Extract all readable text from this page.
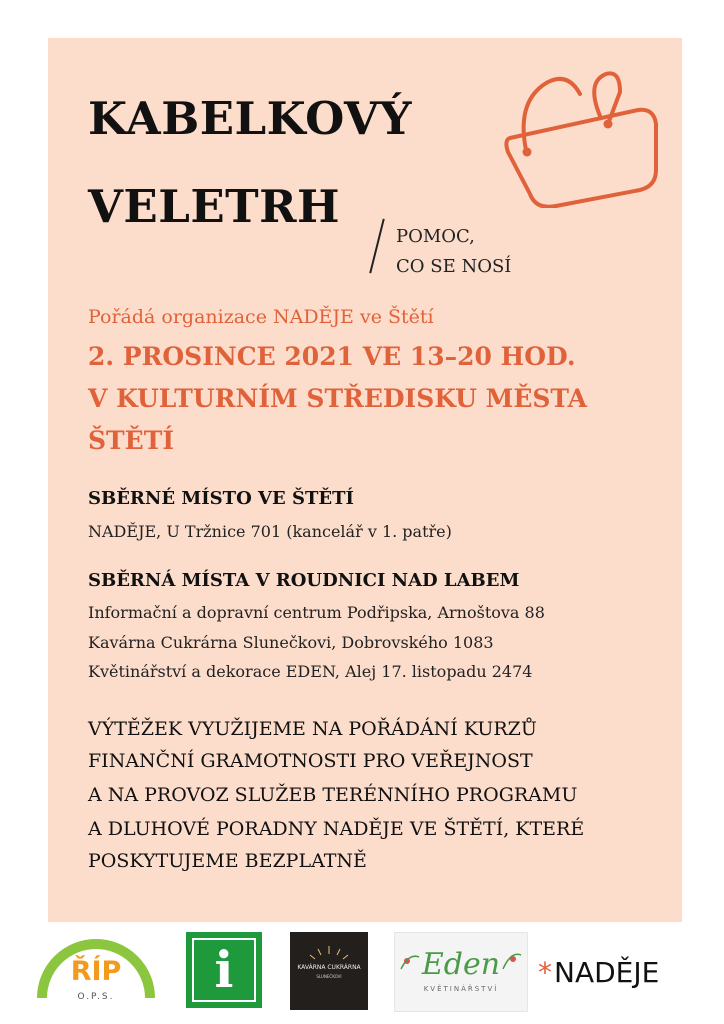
KABELKOVÝ
VELETRH
POMOC,
CO SE NOSÍ
Pořádá organizace NADĚJE ve Štětí
2. PROSINCE 2021 VE 13–20 HOD.
V KULTURNÍM STŘEDISKU MĚSTA
ŠTĚTÍ
SBĚRNÉ MÍSTO VE ŠTĚTÍ
NADĚJE, U Tržnice 701 (kancelář v 1. patře)
SBĚRNÁ MÍSTA V ROUDNICI NAD LABEM
Informační a dopravní centrum Podřipska, Arnoštova 88
Kavárna Cukrárna Slunečkovi, Dobrovského 1083
Květinářství a dekorace EDEN, Alej 17. listopadu 2474
VÝTĚŽEK VYUŽIJEME NA POŘÁDÁNÍ KURZŮ
FINANČNÍ GRAMOTNOSTI PRO VEŘEJNOST
A NA PROVOZ SLUŽEB TERÉNNÍHO PROGRAMU
A DLUHOVÉ PORADNY NADĚJE VE ŠTĚTÍ, KTERÉ
POSKYTUJEME BEZPLATNĚ
ŘÍP
O.P.S.	i	KAVÁRNA CUKRÁRNA
SLUNEČKOVI	Eden
KVĚTINÁŘSTVÍ	*NADĚJE
